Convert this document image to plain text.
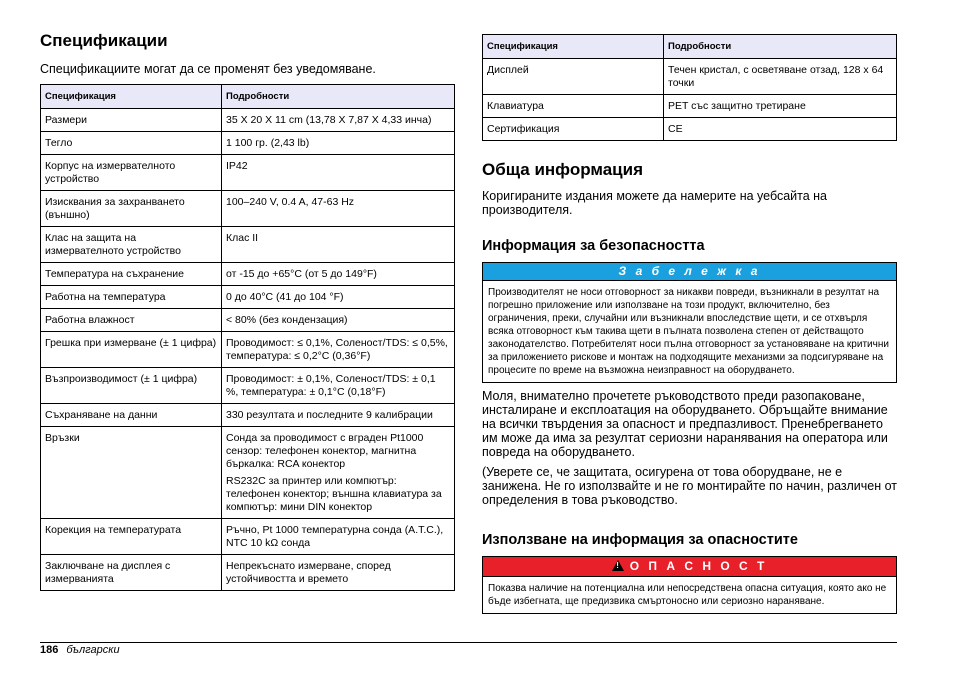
Спецификации

Спецификациите могат да се променят без уведомяване.

Спецификация	Подробности
Размери	35 X 20 X 11 cm (13,78 X 7,87 X 4,33 инча)

Тегло	1 100 гр. (2,43 lb)

Корпус на измервателното устройство	IP42

Изисквания за захранването (външно)	100–240 V, 0.4 A, 47-63 Hz

Клас на защита на измервателното устройство	Клас II

Температура на съхранение	от -15 до +65°C (от 5 до 149°F)

Работна на температура	0 до 40°C (41 до 104 °F)

Работна влажност	< 80% (без кондензация)

Грешка при измерване (± 1 цифра)	Проводимост: ≤ 0,1%, Соленост/TDS: ≤ 0,5%, температура: ≤ 0,2°C (0,36°F)

Възпроизводимост (± 1 цифра)	Проводимост: ± 0,1%, Соленост/TDS: ± 0,1 %, температура: ± 0,1°C (0,18°F)

Съхраняване на данни	330 резултата и последните 9 калибрации

Връзки	Сонда за проводимост с вграден Pt1000 сензор: телефонен конектор, магнитна бъркалка: RCA конектор

RS232C за принтер или компютър: телефонен конектор; външна клавиатура за компютър: мини DIN конектор

Корекция на температурата	Ръчно, Pt 1000 температурна сонда (A.T.C.), NTC 10 kΩ сонда

Заключване на дисплея с измерванията	Непрекъснато измерване, според устойчивостта и времето

Спецификация	Подробности
Дисплей	Течен кристал, с осветяване отзад, 128 x 64 точки

Клавиатура	PET със защитно третиране

Сертификация	CE

Обща информация

Коригираните издания можете да намерите на уебсайта на производителя.

Информация за безопасността
З а б е л е ж к а
Производителят не носи отговорност за никакви повреди, възникнали в резултат на погрешно приложение или използване на този продукт, включително, без ограничения, преки, случайни или възникнали впоследствие щети, и се отхвърля всяка отговорност към такива щети в пълната позволена степен от действащото законодателство. Потребителят носи пълна отговорност за установяване на критични за приложението рискове и монтаж на подходящите механизми за подсигуряване на процесите по време на възможна неизправност на оборудването.

Моля, внимателно прочетете ръководството преди разопаковане, инсталиране и експлоатация на оборудването. Обръщайте внимание на всички твърдения за опасност и предпазливост. Пренебрегването им може да има за резултат сериозни наранявания на оператора или повреда на оборудването.

(Уверете се, че защитата, осигурена от това оборудване, не е занижена. Не го използвайте и не го монтирайте по начин, различен от определения в това ръководство.

Използване на информация за опасностите
! О П А С Н О С Т
Показва наличие на потенциална или непосредствена опасна ситуация, която ако не бъде избегната, ще предизвика смъртоносно или сериозно нараняване.
186 български
